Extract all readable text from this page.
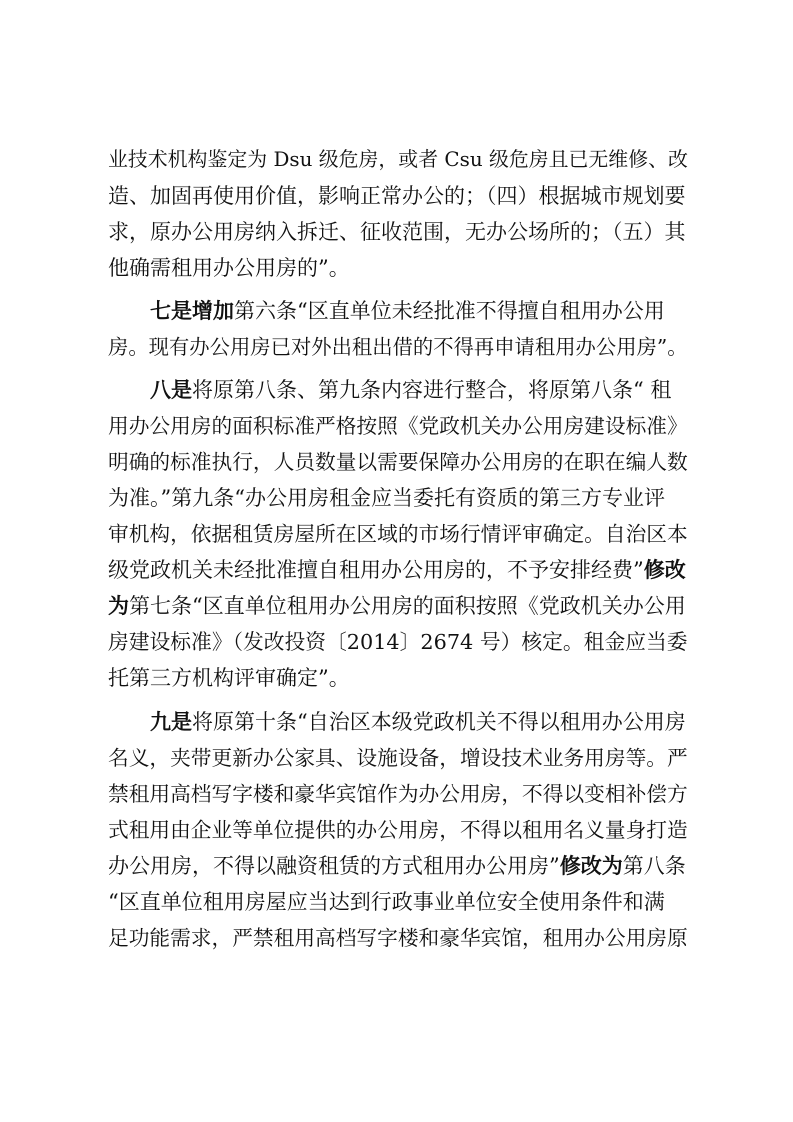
业技术机构鉴定为 Dsu 级危房，或者 Csu 级危房且已无维修、改
造、加固再使用价值，影响正常办公的；（四）根据城市规划要
求，原办公用房纳入拆迁、征收范围，无办公场所的；（五）其
他确需租用办公用房的”。
七是增加第六条“区直单位未经批准不得擅自租用办公用
房。现有办公用房已对外出租出借的不得再申请租用办公用房”。
八是将原第八条、第九条内容进行整合，将原第八条“ 租
用办公用房的面积标准严格按照《党政机关办公用房建设标准》
明确的标准执行，人员数量以需要保障办公用房的在职在编人数
为准。”第九条“办公用房租金应当委托有资质的第三方专业评
审机构，依据租赁房屋所在区域的市场行情评审确定。自治区本
级党政机关未经批准擅自租用办公用房的，不予安排经费”修改
为第七条“区直单位租用办公用房的面积按照《党政机关办公用
房建设标准》（发改投资〔2014〕2674 号）核定。租金应当委
托第三方机构评审确定”。
九是将原第十条“自治区本级党政机关不得以租用办公用房
名义，夹带更新办公家具、设施设备，增设技术业务用房等。严
禁租用高档写字楼和豪华宾馆作为办公用房，不得以变相补偿方
式租用由企业等单位提供的办公用房，不得以租用名义量身打造
办公用房，不得以融资租赁的方式租用办公用房”修改为第八条
“区直单位租用房屋应当达到行政事业单位安全使用条件和满
足功能需求，严禁租用高档写字楼和豪华宾馆，租用办公用房原
